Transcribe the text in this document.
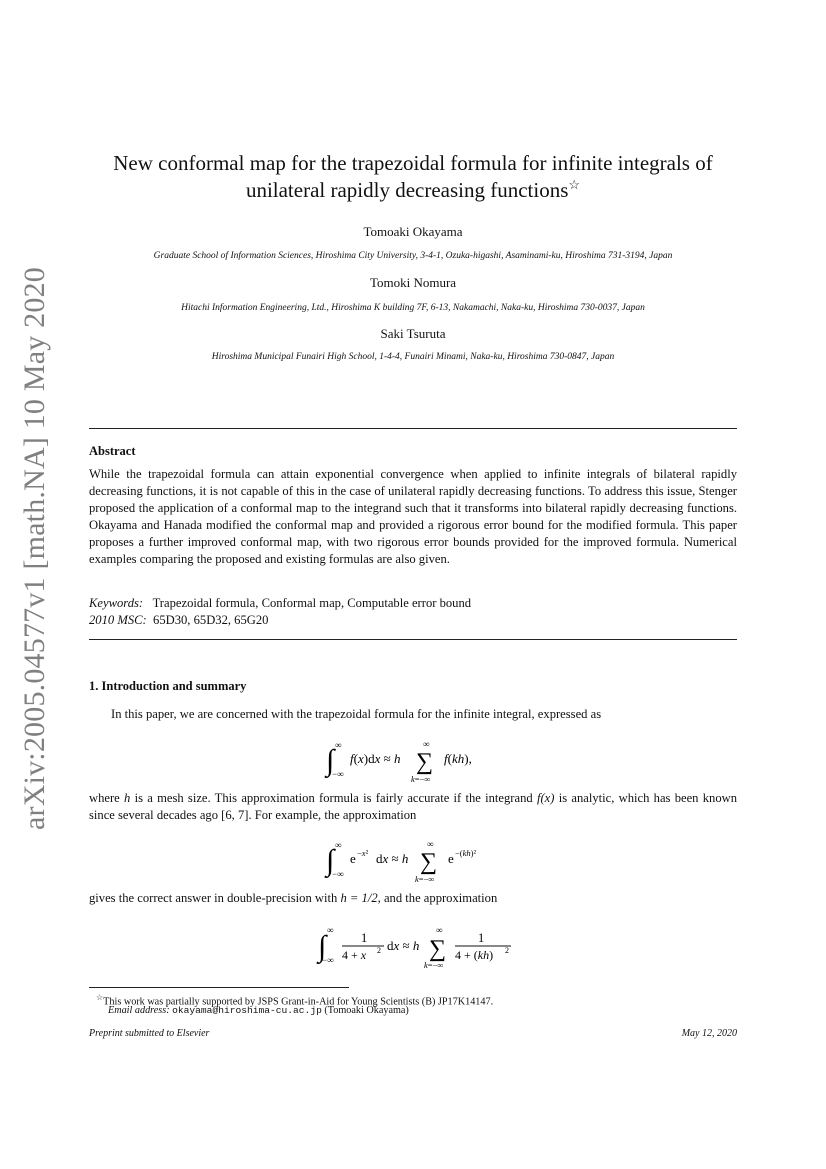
arXiv:2005.04577v1 [math.NA] 10 May 2020
New conformal map for the trapezoidal formula for infinite integrals of
unilateral rapidly decreasing functions☆
Tomoaki Okayama
Graduate School of Information Sciences, Hiroshima City University, 3-4-1, Ozuka-higashi, Asaminami-ku, Hiroshima 731-3194, Japan
Tomoki Nomura
Hitachi Information Engineering, Ltd., Hiroshima K building 7F, 6-13, Nakamachi, Naka-ku, Hiroshima 730-0037, Japan
Saki Tsuruta
Hiroshima Municipal Funairi High School, 1-4-4, Funairi Minami, Naka-ku, Hiroshima 730-0847, Japan
Abstract
While the trapezoidal formula can attain exponential convergence when applied to infinite integrals of bilateral rapidly decreasing functions, it is not capable of this in the case of unilateral rapidly decreasing functions. To address this issue, Stenger proposed the application of a conformal map to the integrand such that it transforms into bilateral rapidly decreasing functions. Okayama and Hanada modified the conformal map and provided a rigorous error bound for the modified formula. This paper proposes a further improved conformal map, with two rigorous error bounds provided for the improved formula. Numerical examples comparing the proposed and existing formulas are also given.
Keywords: Trapezoidal formula, Conformal map, Computable error bound
2010 MSC: 65D30, 65D32, 65G20
1. Introduction and summary
In this paper, we are concerned with the trapezoidal formula for the infinite integral, expressed as
∫ ∞
−∞
f(x)dx ≈ h
∞
∑
k=−∞
f(kh),
where h is a mesh size. This approximation formula is fairly accurate if the integrand f(x) is analytic, which has been known since several decades ago [6, 7]. For example, the approximation
∫ ∞
−∞
e −x² dx ≈ h
∞
∑
k=−∞
e −(kh)²
gives the correct answer in double-precision with h = 1/2, and the approximation
∫ ∞
−∞
1
4 + x 2 dx ≈ h
∞
∑
k=−∞
1
4 + (kh) 2
☆This work was partially supported by JSPS Grant-in-Aid for Young Scientists (B) JP17K14147.
Email address: okayama@hiroshima-cu.ac.jp (Tomoaki Okayama)
Preprint submitted to Elsevier	May 12, 2020
